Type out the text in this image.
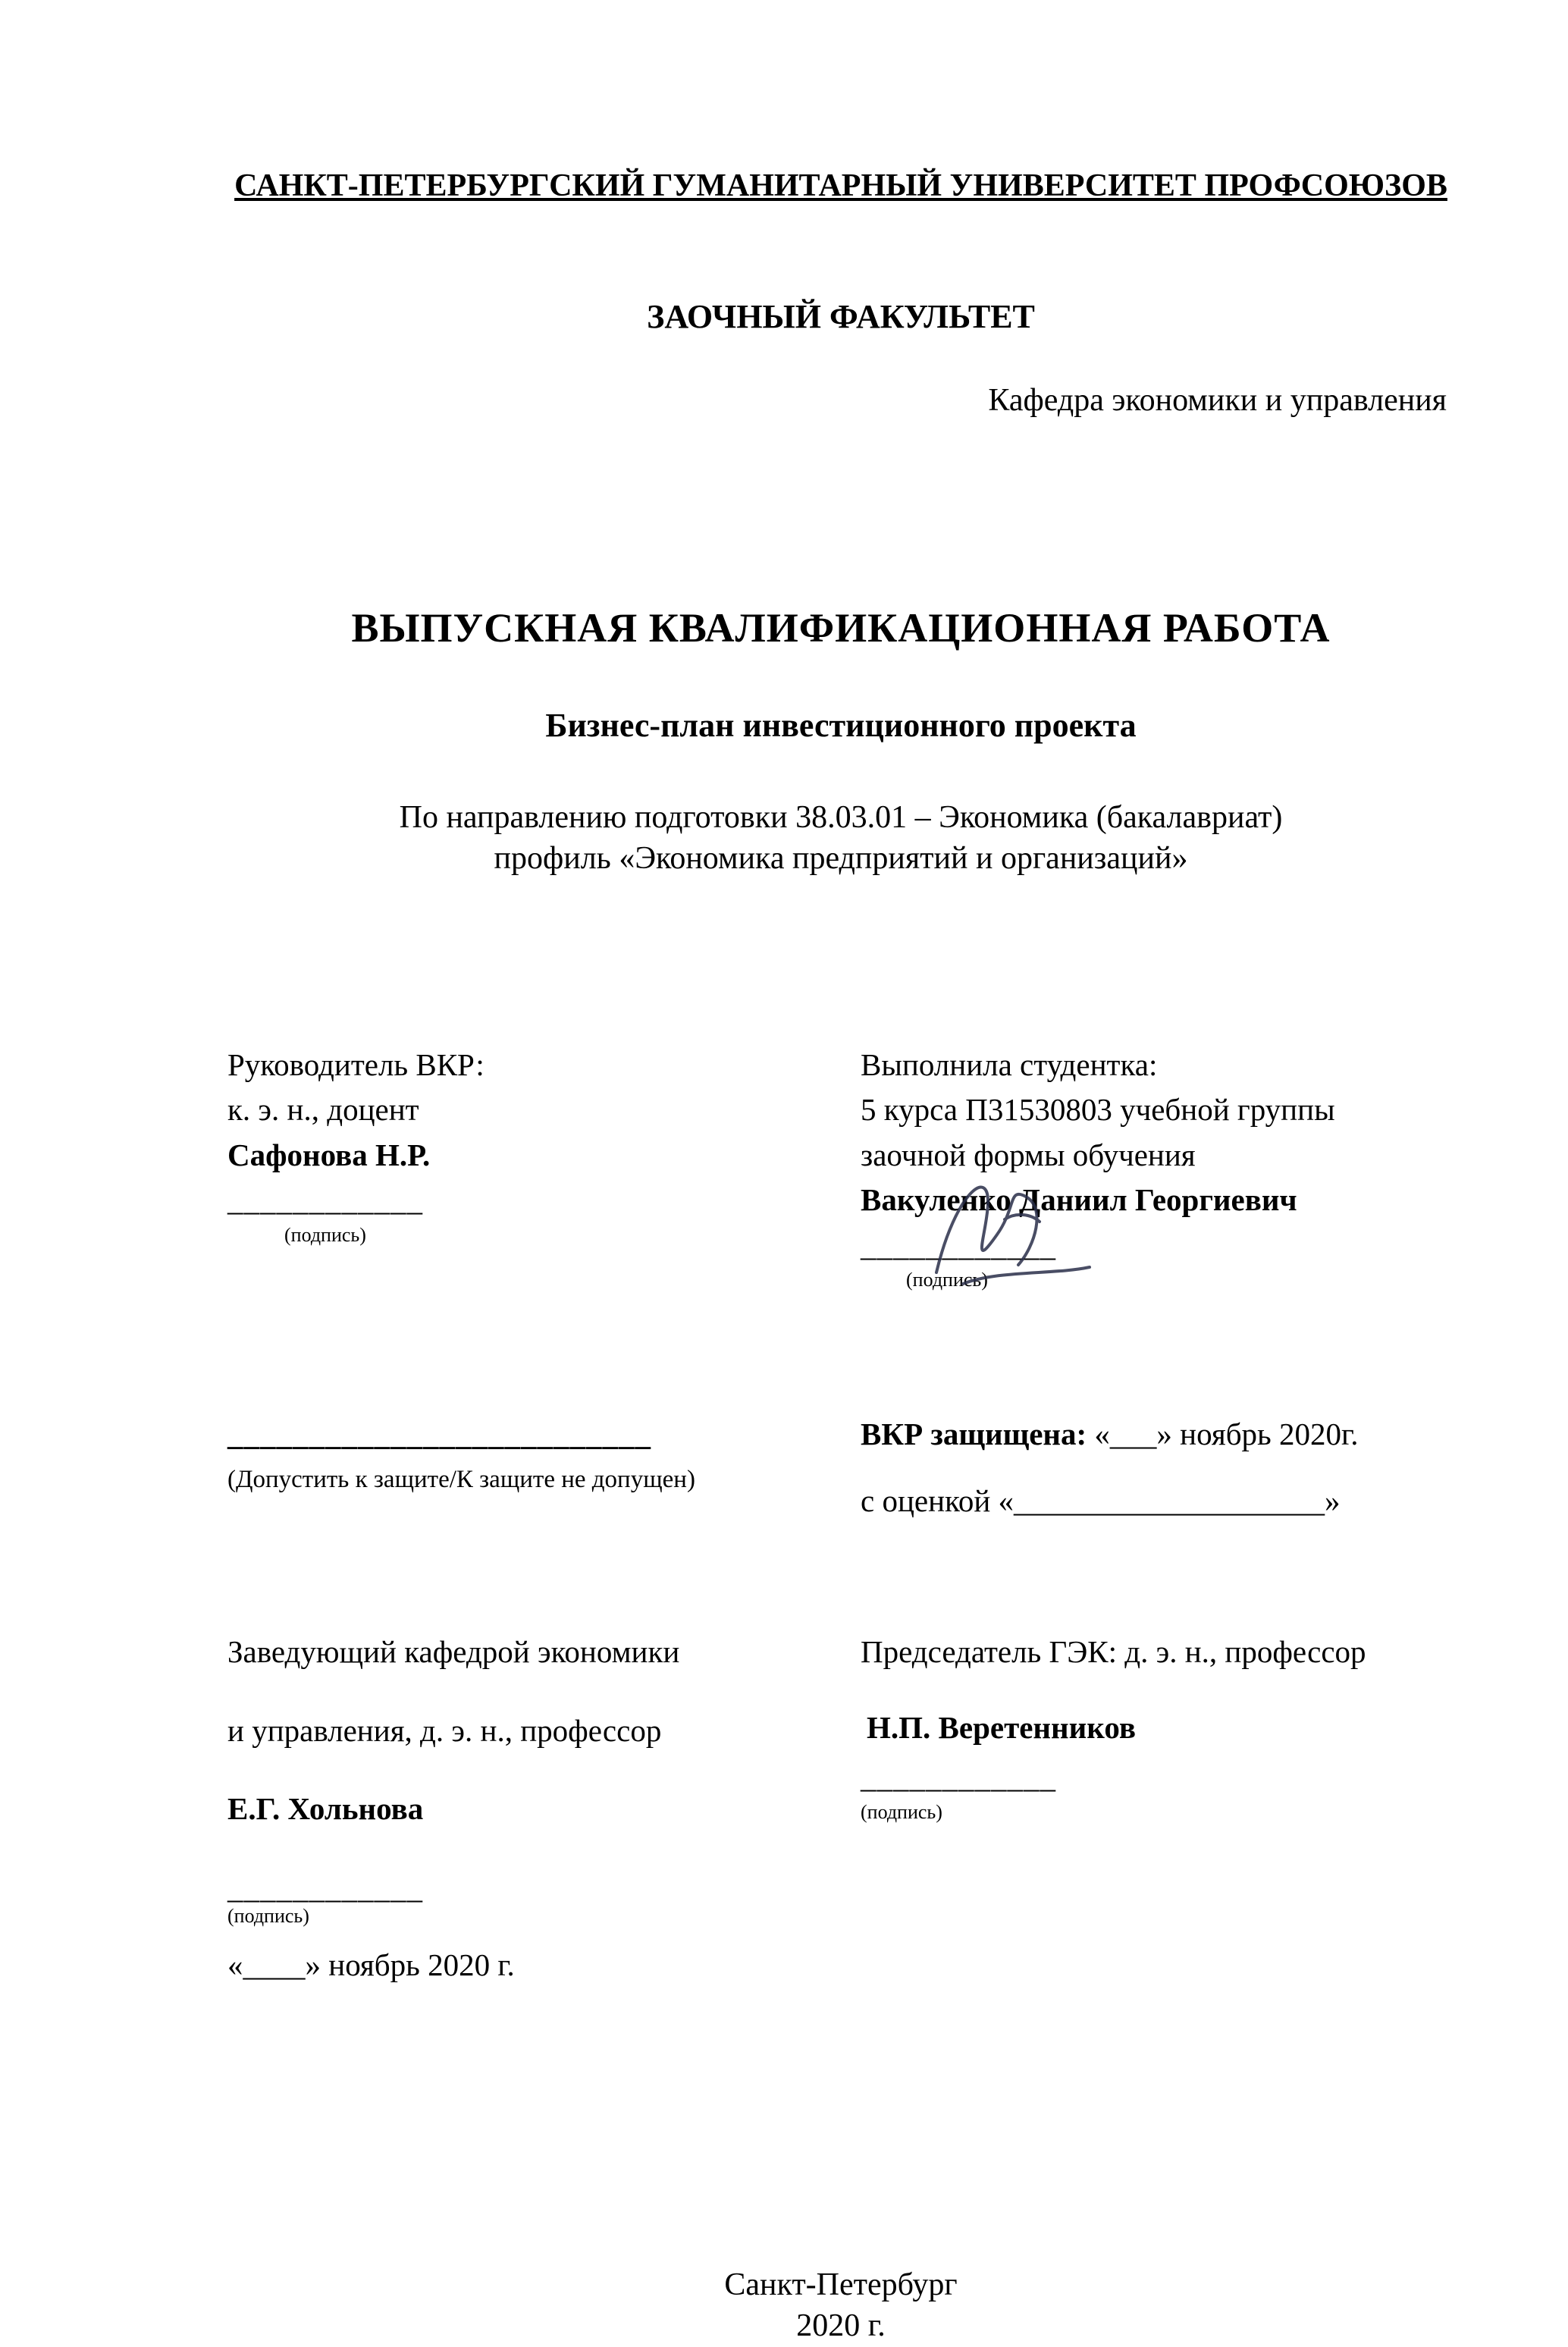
САНКТ-ПЕТЕРБУРГСКИЙ ГУМАНИТАРНЫЙ УНИВЕРСИТЕТ ПРОФСОЮЗОВ
ЗАОЧНЫЙ ФАКУЛЬТЕТ
Кафедра экономики и управления
ВЫПУСКНАЯ КВАЛИФИКАЦИОННАЯ РАБОТА
Бизнес-план инвестиционного проекта
По направлению подготовки 38.03.01 – Экономика (бакалавриат)
профиль «Экономика предприятий и организаций»
Руководитель ВКР:
к. э. н., доцент
Сафонова Н.Р.
____________
(подпись)
Выполнила студентка:
5 курса П31530803 учебной группы
заочной формы обучения
Вакуленко Даниил Георгиевич
____________
(подпись)
__________________________
(Допустить к защите/К защите не допущен)
ВКР защищена: «___» ноябрь 2020г.
с оценкой «____________________»
Заведующий кафедрой экономики
и управления, д. э. н., профессор
Е.Г. Хольнова
____________
(подпись)
«____» ноябрь 2020 г.
Председатель ГЭК: д. э. н., профессор
Н.П. Веретенников
____________
(подпись)
Санкт-Петербург
2020 г.
